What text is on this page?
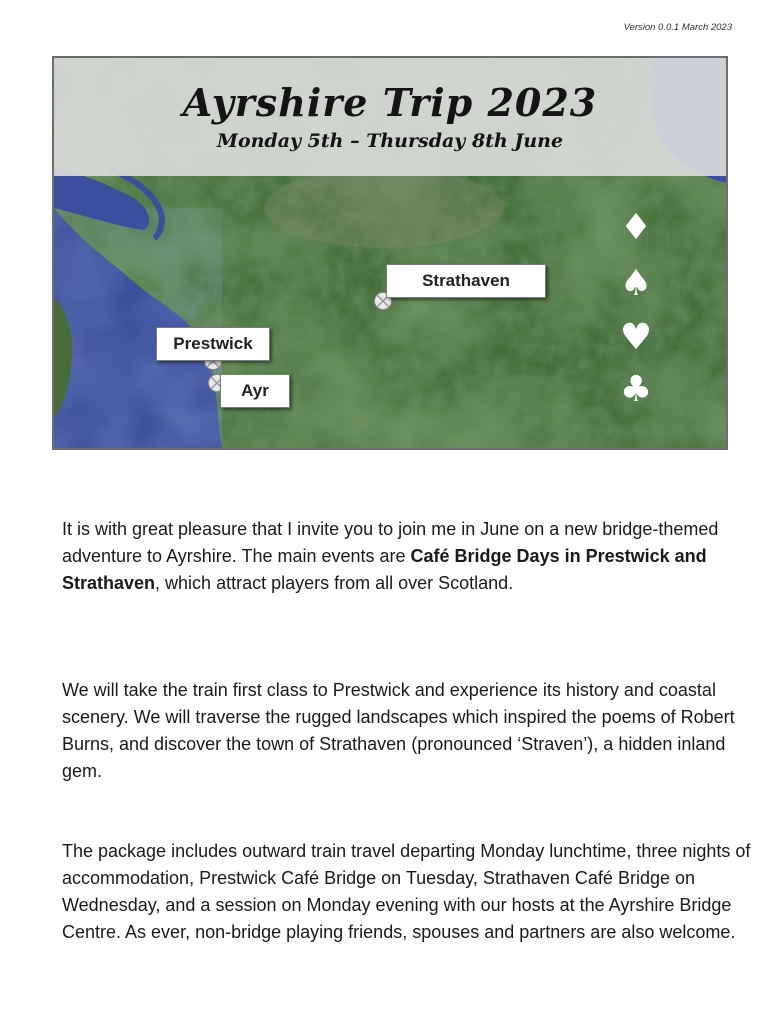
Version 0.0.1 March 2023
Ayrshire Trip 2023
Monday 5th – Thursday 8th June
Strathaven
Prestwick
Ayr
♦
♠
♥
♣

It is with great pleasure that I invite you to join me in June on a new bridge-themed adventure to Ayrshire. The main events are Café Bridge Days in Prestwick and Strathaven, which attract players from all over Scotland.

We will take the train first class to Prestwick and experience its history and coastal scenery. We will traverse the rugged landscapes which inspired the poems of Robert Burns, and discover the town of Strathaven (pronounced ‘Straven’), a hidden inland gem.

The package includes outward train travel departing Monday lunchtime, three nights of accommodation, Prestwick Café Bridge on Tuesday, Strathaven Café Bridge on Wednesday, and a session on Monday evening with our hosts at the Ayrshire Bridge Centre. As ever, non-bridge playing friends, spouses and partners are also welcome.
